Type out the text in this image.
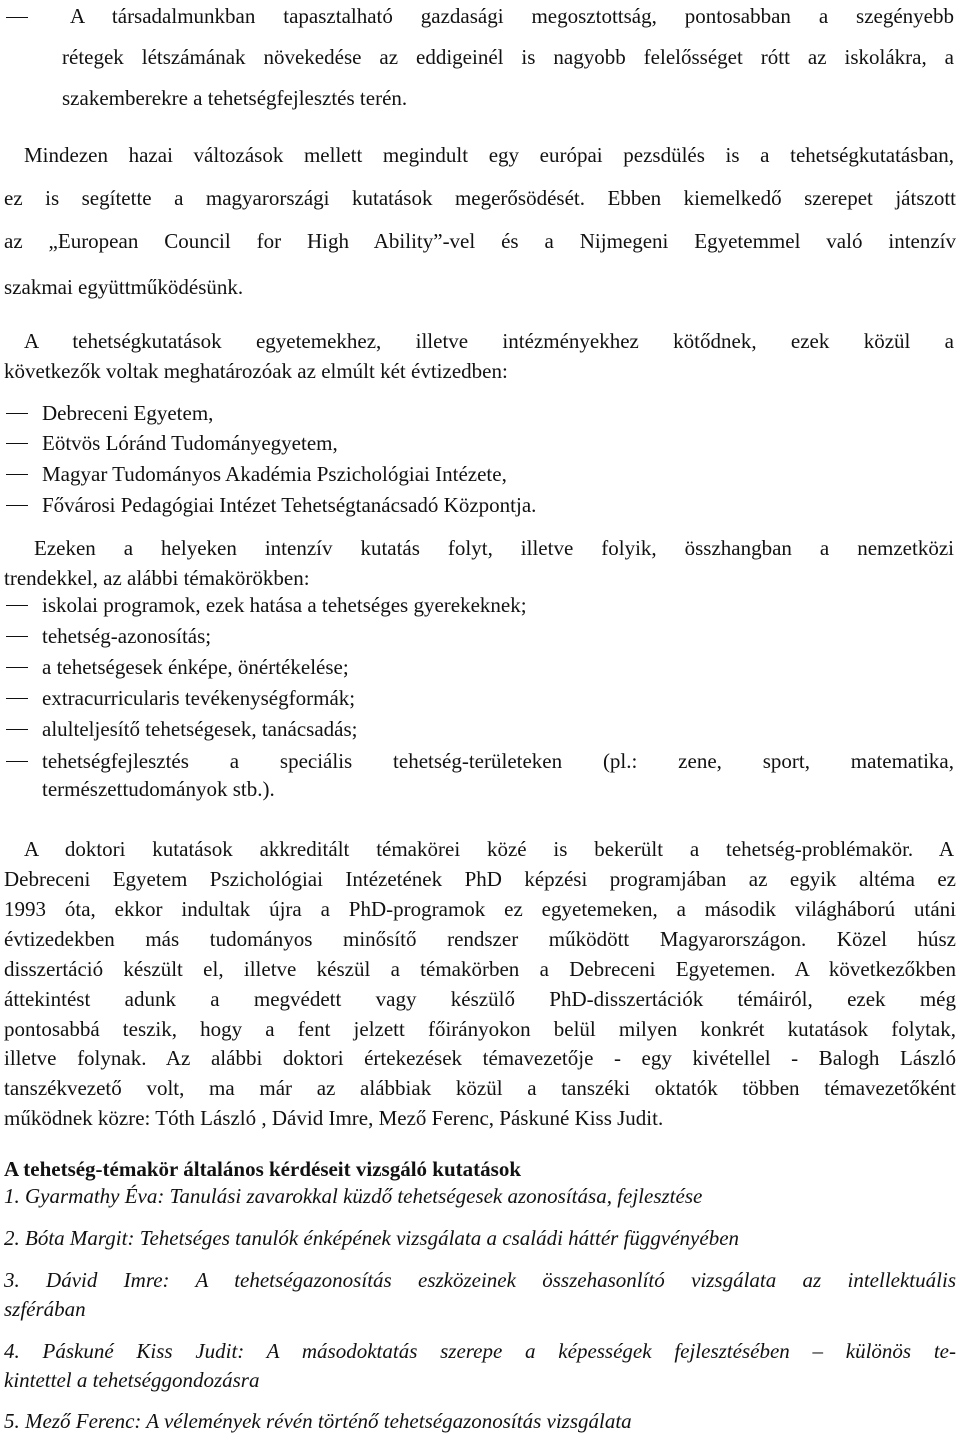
A társadalmunkban tapasztalható gazdasági megosztottság, pontosabban a szegényebb

rétegek létszámának növekedése az eddigeinél is nagyobb felelősséget rótt az iskolákra, a

szakemberekre a tehetségfejlesztés terén.

Mindezen hazai változások mellett megindult egy európai pezsdülés is a tehetségkutatásban,

ez is segítette a magyarországi kutatások megerősödését. Ebben kiemelkedő szerepet játszott

az „European Council for High Ability”-vel és a Nijmegeni Egyetemmel való intenzív

szakmai együttműködésünk.

A tehetségkutatások egyetemekhez, illetve intézményekhez kötődnek, ezek közül a

következők voltak meghatározóak az elmúlt két évtizedben:

Debreceni Egyetem,

Eötvös Lóránd Tudományegyetem,

Magyar Tudományos Akadémia Pszichológiai Intézete,

Fővárosi Pedagógiai Intézet Tehetségtanácsadó Központja.

Ezeken a helyeken intenzív kutatás folyt, illetve folyik, összhangban a nemzetközi

trendekkel, az alábbi témakörökben:

iskolai programok, ezek hatása a tehetséges gyerekeknek;

tehetség-azonosítás;

a tehetségesek énképe, önértékelése;

extracurricularis tevékenységformák;

alulteljesítő tehetségesek, tanácsadás;

tehetségfejlesztés a speciális tehetség-területeken (pl.: zene, sport, matematika,

természettudományok stb.).

A doktori kutatások akkreditált témakörei közé is bekerült a tehetség-problémakör. A

Debreceni Egyetem Pszichológiai Intézetének PhD képzési programjában az egyik altéma ez

1993 óta, ekkor indultak újra a PhD-programok ez egyetemeken, a második világháború utáni

évtizedekben más tudományos minősítő rendszer működött Magyarországon. Közel húsz

disszertáció készült el, illetve készül a témakörben a Debreceni Egyetemen. A következőkben

áttekintést adunk a megvédett vagy készülő PhD-disszertációk témáiról, ezek még

pontosabbá teszik, hogy a fent jelzett főirányokon belül milyen konkrét kutatások folytak,

illetve folynak. Az alábbi doktori értekezések témavezetője - egy kivétellel - Balogh László

tanszékvezető volt, ma már az alábbiak közül a tanszéki oktatók többen témavezetőként

működnek közre: Tóth László , Dávid Imre, Mező Ferenc, Páskuné Kiss Judit.

A tehetség-témakör általános kérdéseit vizsgáló kutatások

1. Gyarmathy Éva: Tanulási zavarokkal küzdő tehetségesek azonosítása, fejlesztése

2. Bóta Margit: Tehetséges tanulók énképének vizsgálata a családi háttér függvényében

3. Dávid Imre: A tehetségazonosítás eszközeinek összehasonlító vizsgálata az intellektuális

szférában

4. Páskuné Kiss Judit: A másodoktatás szerepe a képességek fejlesztésében – különös te-

kintettel a tehetséggondozásra

5. Mező Ferenc: A vélemények révén történő tehetségazonosítás vizsgálata
